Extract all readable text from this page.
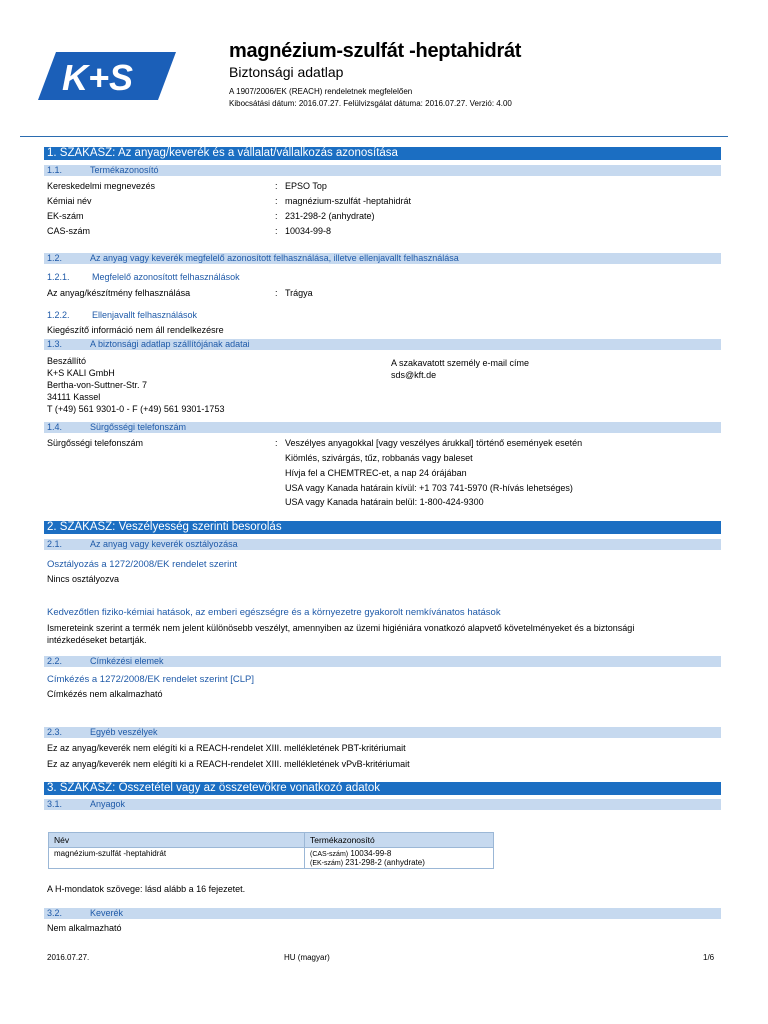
K+S
magnézium-szulfát -heptahidrát
Biztonsági adatlap
A 1907/2006/EK (REACH) rendeletnek megfelelően
Kibocsátási dátum: 2016.07.27. Felülvizsgálat dátuma: 2016.07.27. Verzió: 4.00
1. SZAKASZ: Az anyag/keverék és a vállalat/vállalkozás azonosítása
1.1.	Termékazonosító
Kereskedelmi megnevezés	: EPSO Top
Kémiai név	: magnézium-szulfát -heptahidrát
EK-szám	: 231-298-2 (anhydrate)
CAS-szám	: 10034-99-8
1.2.	Az anyag vagy keverék megfelelő azonosított felhasználása, illetve ellenjavallt felhasználása
1.2.1. Megfelelő azonosított felhasználások
Az anyag/készítmény felhasználása	: Trágya
1.2.2. Ellenjavallt felhasználások
Kiegészítő információ nem áll rendelkezésre
1.3.	A biztonsági adatlap szállítójának adatai
Beszállító
K+S KALI GmbH
Bertha-von-Suttner-Str. 7
34111 Kassel
T (+49) 561 9301-0 - F (+49) 561 9301-1753
A szakavatott személy e-mail címe
sds@kft.de
1.4.	Sürgősségi telefonszám
Sürgősségi telefonszám	: Veszélyes anyagokkal [vagy veszélyes árukkal] történő események esetén
Kiömlés, szivárgás, tűz, robbanás vagy baleset
Hívja fel a CHEMTREC-et, a nap 24 órájában
USA vagy Kanada határain kívül: +1 703 741-5970 (R-hívás lehetséges)
USA vagy Kanada határain belül: 1-800-424-9300
2. SZAKASZ: Veszélyesség szerinti besorolás
2.1.	Az anyag vagy keverék osztályozása
Osztályozás a 1272/2008/EK rendelet szerint
Nincs osztályozva
Kedvezőtlen fiziko-kémiai hatások, az emberi egészségre és a környezetre gyakorolt nemkívánatos hatások
Ismereteink szerint a termék nem jelent különösebb veszélyt, amennyiben az üzemi higiéniára vonatkozó alapvető követelményeket és a biztonsági
intézkedéseket betartják.
2.2.	Címkézési elemek
Címkézés a 1272/2008/EK rendelet szerint [CLP]
Címkézés nem alkalmazható
2.3.	Egyéb veszélyek
Ez az anyag/keverék nem elégíti ki a REACH-rendelet XIII. mellékletének PBT-kritériumait
Ez az anyag/keverék nem elégíti ki a REACH-rendelet XIII. mellékletének vPvB-kritériumait
3. SZAKASZ: Összetétel vagy az összetevőkre vonatkozó adatok
3.1.	Anyagok
Név	Termékazonosító
magnézium-szulfát -heptahidrát	(CAS-szám) 10034-99-8
(EK-szám) 231-298-2 (anhydrate)
A H-mondatok szövege: lásd alább a 16 fejezetet.
3.2.	Keverék
Nem alkalmazható
2016.07.27.	HU (magyar)	1/6
